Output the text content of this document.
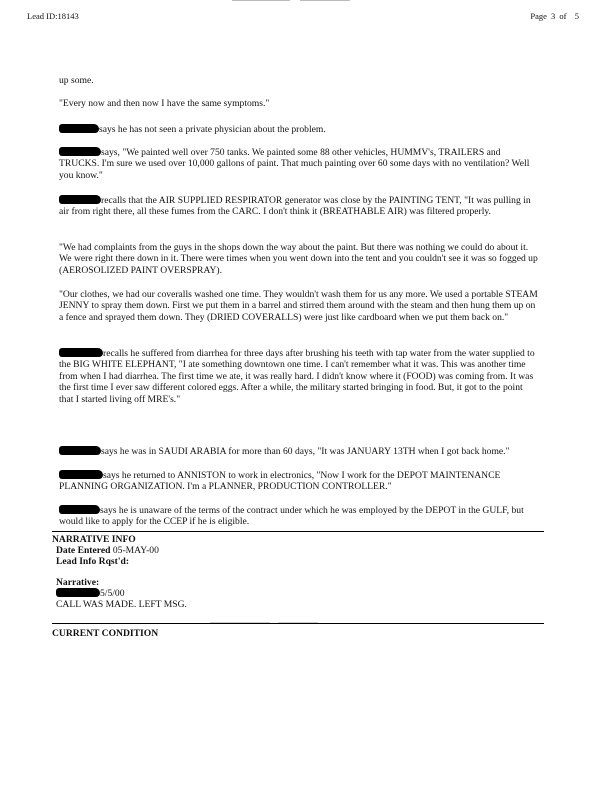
Lead ID:18143	Page 3 of 5

up some.

"Every now and then now I have the same symptoms."

says he has not seen a private physician about the problem.

says, "We painted well over 750 tanks. We painted some 88 other vehicles, HUMMV's, TRAILERS and TRUCKS. I'm sure we used over 10,000 gallons of paint. That much painting over 60 some days with no ventilation? Well you know."

recalls that the AIR SUPPLIED RESPIRATOR generator was close by the PAINTING TENT, "It was pulling in air from right there, all these fumes from the CARC. I don't think it (BREATHABLE AIR) was filtered properly.

"We had complaints from the guys in the shops down the way about the paint. But there was nothing we could do about it. We were right there down in it. There were times when you went down into the tent and you couldn't see it was so fogged up (AEROSOLIZED PAINT OVERSPRAY).

"Our clothes, we had our coveralls washed one time. They wouldn't wash them for us any more. We used a portable STEAM JENNY to spray them down. First we put them in a barrel and stirred them around with the steam and then hung them up on a fence and sprayed them down. They (DRIED COVERALLS) were just like cardboard when we put them back on."

recalls he suffered from diarrhea for three days after brushing his teeth with tap water from the water supplied to the BIG WHITE ELEPHANT, "I ate something downtown one time. I can't remember what it was. This was another time from when I had diarrhea. The first time we ate, it was really hard. I didn't know where it (FOOD) was coming from. It was the first time I ever saw different colored eggs. After a while, the military started bringing in food. But, it got to the point that I started living off MRE's."

says he was in SAUDI ARABIA for more than 60 days, "It was JANUARY 13TH when I got back home."

says he returned to ANNISTON to work in electronics, "Now I work for the DEPOT MAINTENANCE PLANNING ORGANIZATION. I'm a PLANNER, PRODUCTION CONTROLLER."

says he is unaware of the terms of the contract under which he was employed by the DEPOT in the GULF, but would like to apply for the CCEP if he is eligible.

NARRATIVE INFO
Date Entered 05-MAY-00
Lead Info Rqst'd:
Narrative:
5/5/00
CALL WAS MADE. LEFT MSG.
CURRENT CONDITION
